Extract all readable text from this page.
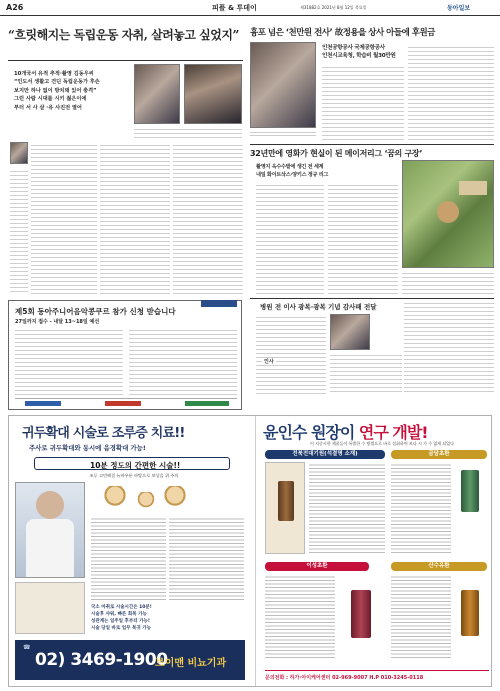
A26	피플 & 투데이	제31882호 2021년 8월 12일 목요일	동아일보
“흐릿해지는 독립운동 자취, 살려놓고 싶었지”
10개국서 유적 추적·촬영 김동우씨
“인도서 생활고 견딘 독립운동가 후손
보지만 하나 없이 방치돼 있어 충격”
그런 사람 시대를 시키 젊은이에
부터 서 사 살 ·유 사진전 열어
제5회 동아주니어음악콩쿠르 참가 신청 받습니다
27일까지 접수 - 내달 13~18일 예선
흉포 넘은 ‘천만원 전사’ 故정용을 상사 아들에 후원금
인천공항공사 국제공항공사
인천시교육청, 학습비 월30만원
32년만에 영화가 현실이 된 메이저리그 ‘꿈의 구장’
촬영지 옥수수밭에 생긴 전 세계
내일 화이트삭스·양키스 정규 리그
병원 전 이사 광복·광복 기념 감사패 전달
인사
귀두확대 시술로 조루증 치료!!
주사로 귀두확대와 동시에 음경확대 가능!
10분 정도의 간편한 시술!!
조루 고민해결 뉴바우룬 바탕으로 보상을 위 주의
국소 마취로 시술시간은 10분!
시술후 샤워, 빠른 회복 가능
성관계는 일주일 후부터 가능!
시술 당일 바로 업무 복귀 가능
☎
02) 3469-1900
브이맨 비뇨기과
윤인수 원장이 연구 개발!
이 지중시한 제품들이 특별한 수 방법으로 바로 섭취하여 보다 시 가 수 없게 되었다
전북전대기원(석결명 소재)	곰담초환
이성초환	산수유환
문의전화 : 하가·아이케어센터 02-969-9007 H.P 010-3245-0118
